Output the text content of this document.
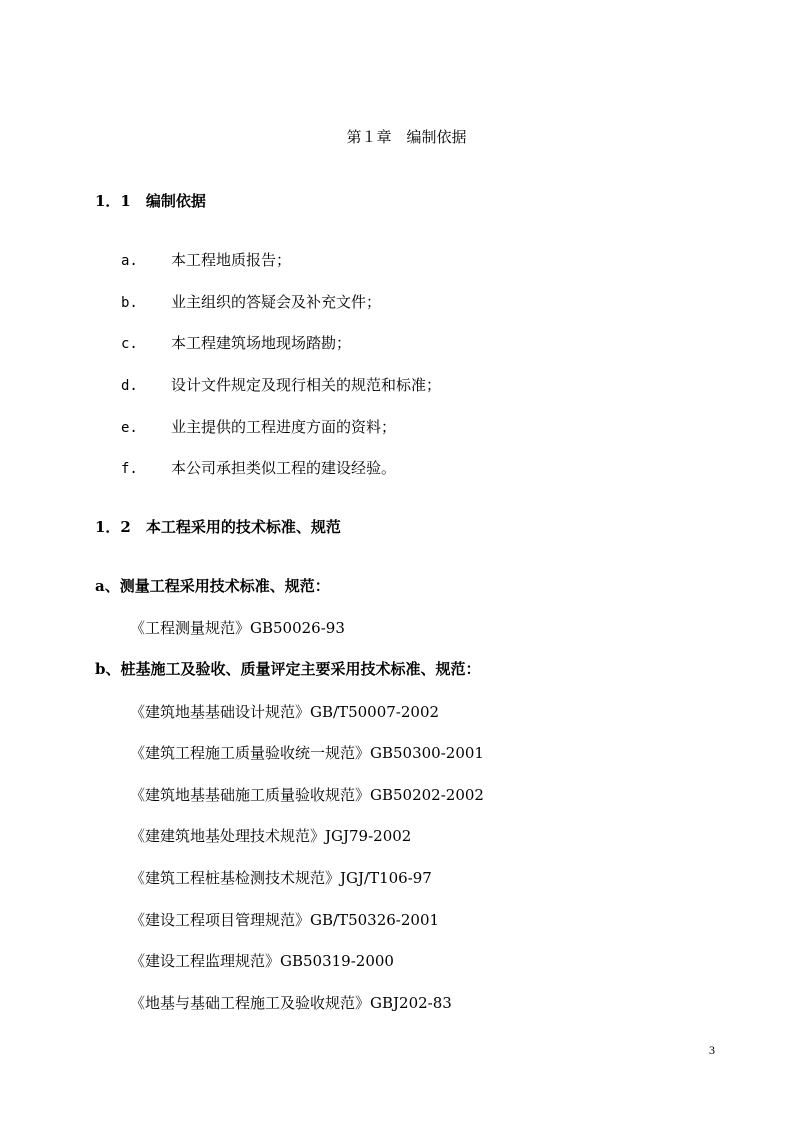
第１章　编制依据
1．1　编制依据
a. 本工程地质报告；
b. 业主组织的答疑会及补充文件；
c. 本工程建筑场地现场踏勘；
d. 设计文件规定及现行相关的规范和标准；
e. 业主提供的工程进度方面的资料；
f. 本公司承担类似工程的建设经验。
1．2　本工程采用的技术标准、规范
a、测量工程采用技术标准、规范：
《工程测量规范》GB50026-93
b、桩基施工及验收、质量评定主要采用技术标准、规范：
《建筑地基基础设计规范》GB/T50007-2002
《建筑工程施工质量验收统一规范》GB50300-2001
《建筑地基基础施工质量验收规范》GB50202-2002
《建建筑地基处理技术规范》JGJ79-2002
《建筑工程桩基检测技术规范》JGJ/T106-97
《建设工程项目管理规范》GB/T50326-2001
《建设工程监理规范》GB50319-2000
《地基与基础工程施工及验收规范》GBJ202-83
3
